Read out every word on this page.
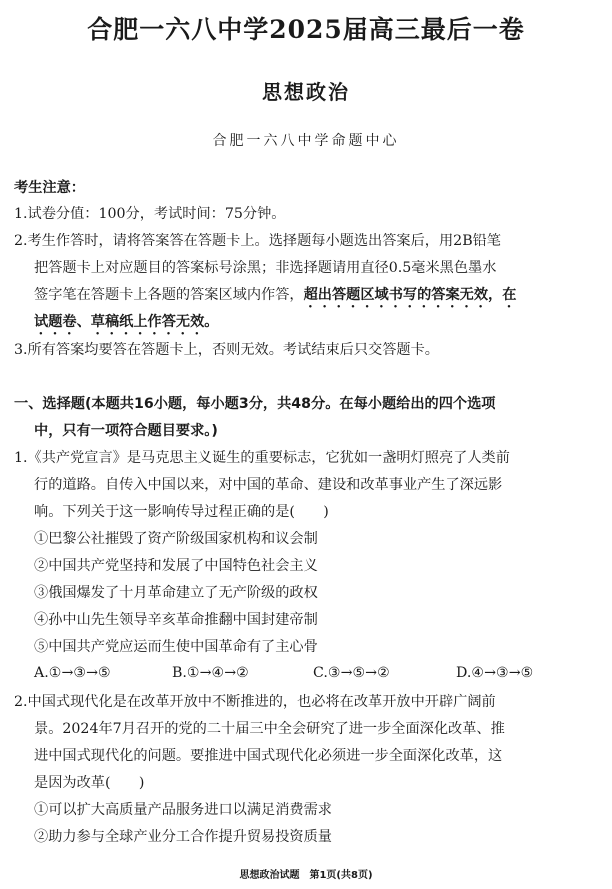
合肥一六八中学2025届高三最后一卷
思想政治
合肥一六八中学命题中心
考生注意：
1.试卷分值：100分，考试时间：75分钟。
2.考生作答时，请将答案答在答题卡上。选择题每小题选出答案后，用2B铅笔
把答题卡上对应题目的答案标号涂黑；非选择题请用直径0.5毫米黑色墨水
签字笔在答题卡上各题的答案区域内作答，超出答题区域书写的答案无效，在
试题卷、草稿纸上作答无效。
3.所有答案均要答在答题卡上，否则无效。考试结束后只交答题卡。
一、选择题(本题共16小题，每小题3分，共48分。在每小题给出的四个选项
中，只有一项符合题目要求。)
1.《共产党宣言》是马克思主义诞生的重要标志，它犹如一盏明灯照亮了人类前
行的道路。自传入中国以来，对中国的革命、建设和改革事业产生了深远影
响。下列关于这一影响传导过程正确的是(　　)
①巴黎公社摧毁了资产阶级国家机构和议会制
②中国共产党坚持和发展了中国特色社会主义
③俄国爆发了十月革命建立了无产阶级的政权
④孙中山先生领导辛亥革命推翻中国封建帝制
⑤中国共产党应运而生使中国革命有了主心骨
A.①→③→⑤	B.①→④→②	C.③→⑤→②	D.④→③→⑤
2.中国式现代化是在改革开放中不断推进的，也必将在改革开放中开辟广阔前
景。2024年7月召开的党的二十届三中全会研究了进一步全面深化改革、推
进中国式现代化的问题。要推进中国式现代化必须进一步全面深化改革，这
是因为改革(　　)
①可以扩大高质量产品服务进口以满足消费需求
②助力参与全球产业分工合作提升贸易投资质量
思想政治试题　第1页(共8页)
